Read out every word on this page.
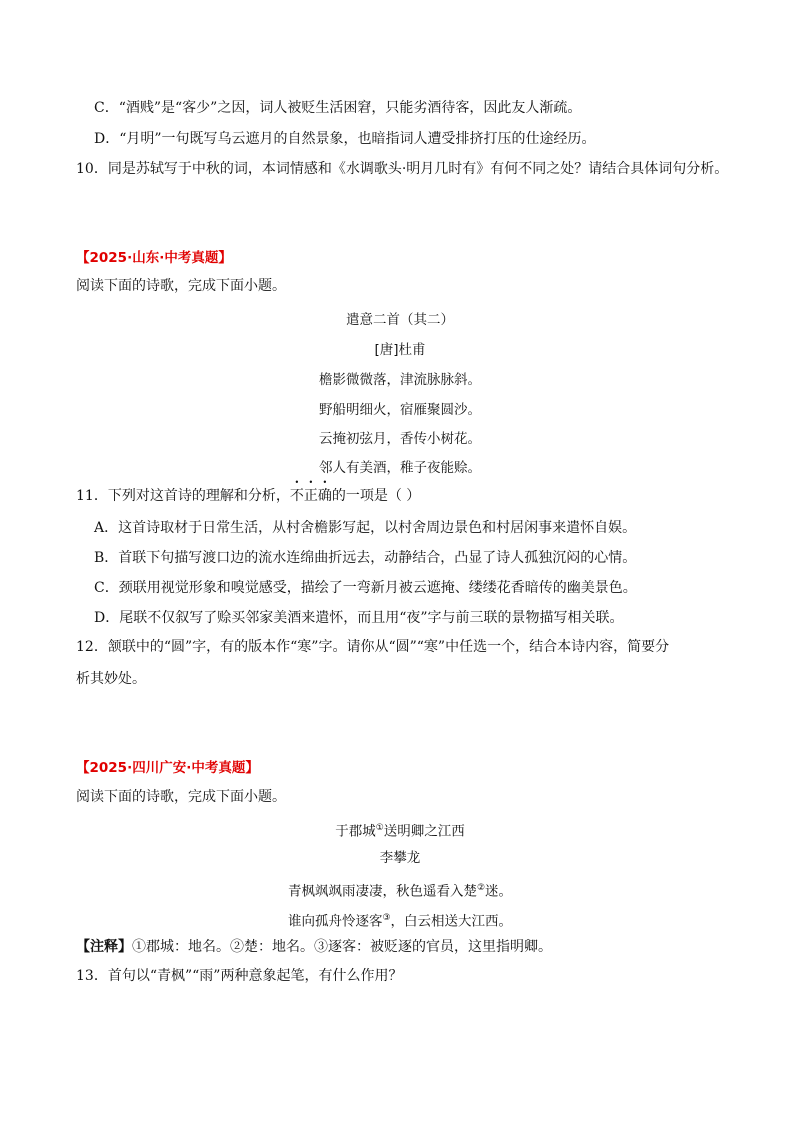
C．“酒贱”是“客少”之因，词人被贬生活困窘，只能劣酒待客，因此友人渐疏。
D．“月明”一句既写乌云遮月的自然景象，也暗指词人遭受排挤打压的仕途经历。
10．同是苏轼写于中秋的词，本词情感和《水调歌头·明月几时有》有何不同之处？请结合具体词句分析。
【2025·山东·中考真题】
阅读下面的诗歌，完成下面小题。
遣意二首（其二）
[唐]杜甫
檐影微微落，津流脉脉斜。
野船明细火，宿雁聚圆沙。
云掩初弦月，香传小树花。
邻人有美酒，稚子夜能赊。
11．下列对这首诗的理解和分析，不正确的一项是（ ）
A．这首诗取材于日常生活，从村舍檐影写起，以村舍周边景色和村居闲事来遣怀自娱。
B．首联下句描写渡口边的流水连绵曲折远去，动静结合，凸显了诗人孤独沉闷的心情。
C．颈联用视觉形象和嗅觉感受，描绘了一弯新月被云遮掩、缕缕花香暗传的幽美景色。
D．尾联不仅叙写了赊买邻家美酒来遣怀，而且用“夜”字与前三联的景物描写相关联。
12．颔联中的“圆”字，有的版本作“寒”字。请你从“圆”“寒”中任选一个，结合本诗内容，简要分
析其妙处。
【2025·四川广安·中考真题】
阅读下面的诗歌，完成下面小题。
于郡城①送明卿之江西
李攀龙
青枫飒飒雨凄凄，秋色遥看入楚②迷。
谁向孤舟怜逐客③，白云相送大江西。
【注释】①郡城：地名。②楚：地名。③逐客：被贬逐的官员，这里指明卿。
13．首句以“青枫”“雨”两种意象起笔，有什么作用？
